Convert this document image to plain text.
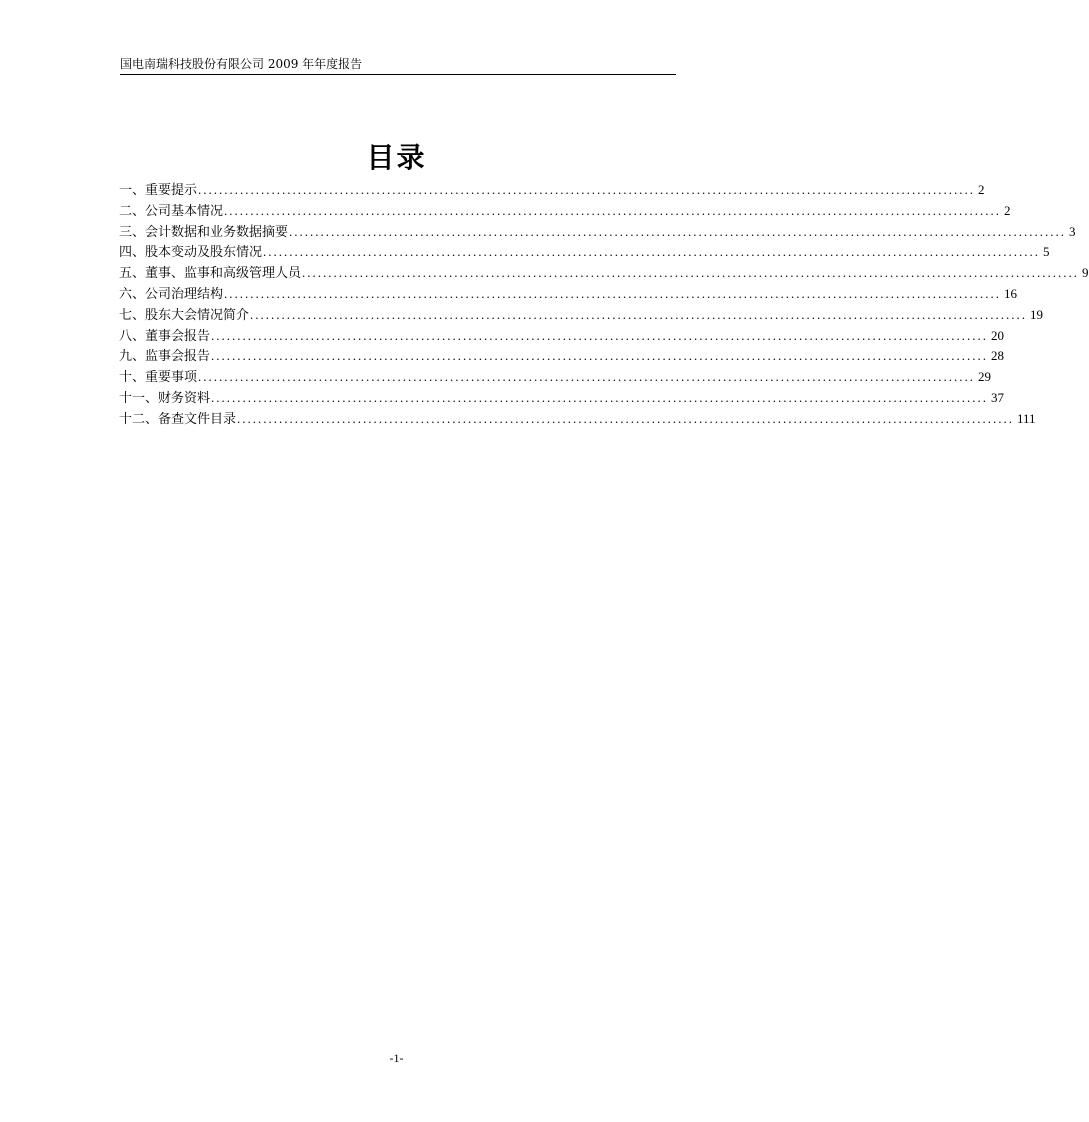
国电南瑞科技股份有限公司 2009 年年度报告
目录
一、重要提示 .................................................................................................................................................... 2
二、公司基本情况 .................................................................................................................................................... 2
三、会计数据和业务数据摘要 .................................................................................................................................................... 3
四、股本变动及股东情况 .................................................................................................................................................... 5
五、董事、监事和高级管理人员 .................................................................................................................................................... 9
六、公司治理结构 .................................................................................................................................................... 16
七、股东大会情况简介 .................................................................................................................................................... 19
八、董事会报告 .................................................................................................................................................... 20
九、监事会报告 .................................................................................................................................................... 28
十、重要事项 .................................................................................................................................................... 29
十一、财务资料 .................................................................................................................................................... 37
十二、备查文件目录 .................................................................................................................................................... 111
-1-
